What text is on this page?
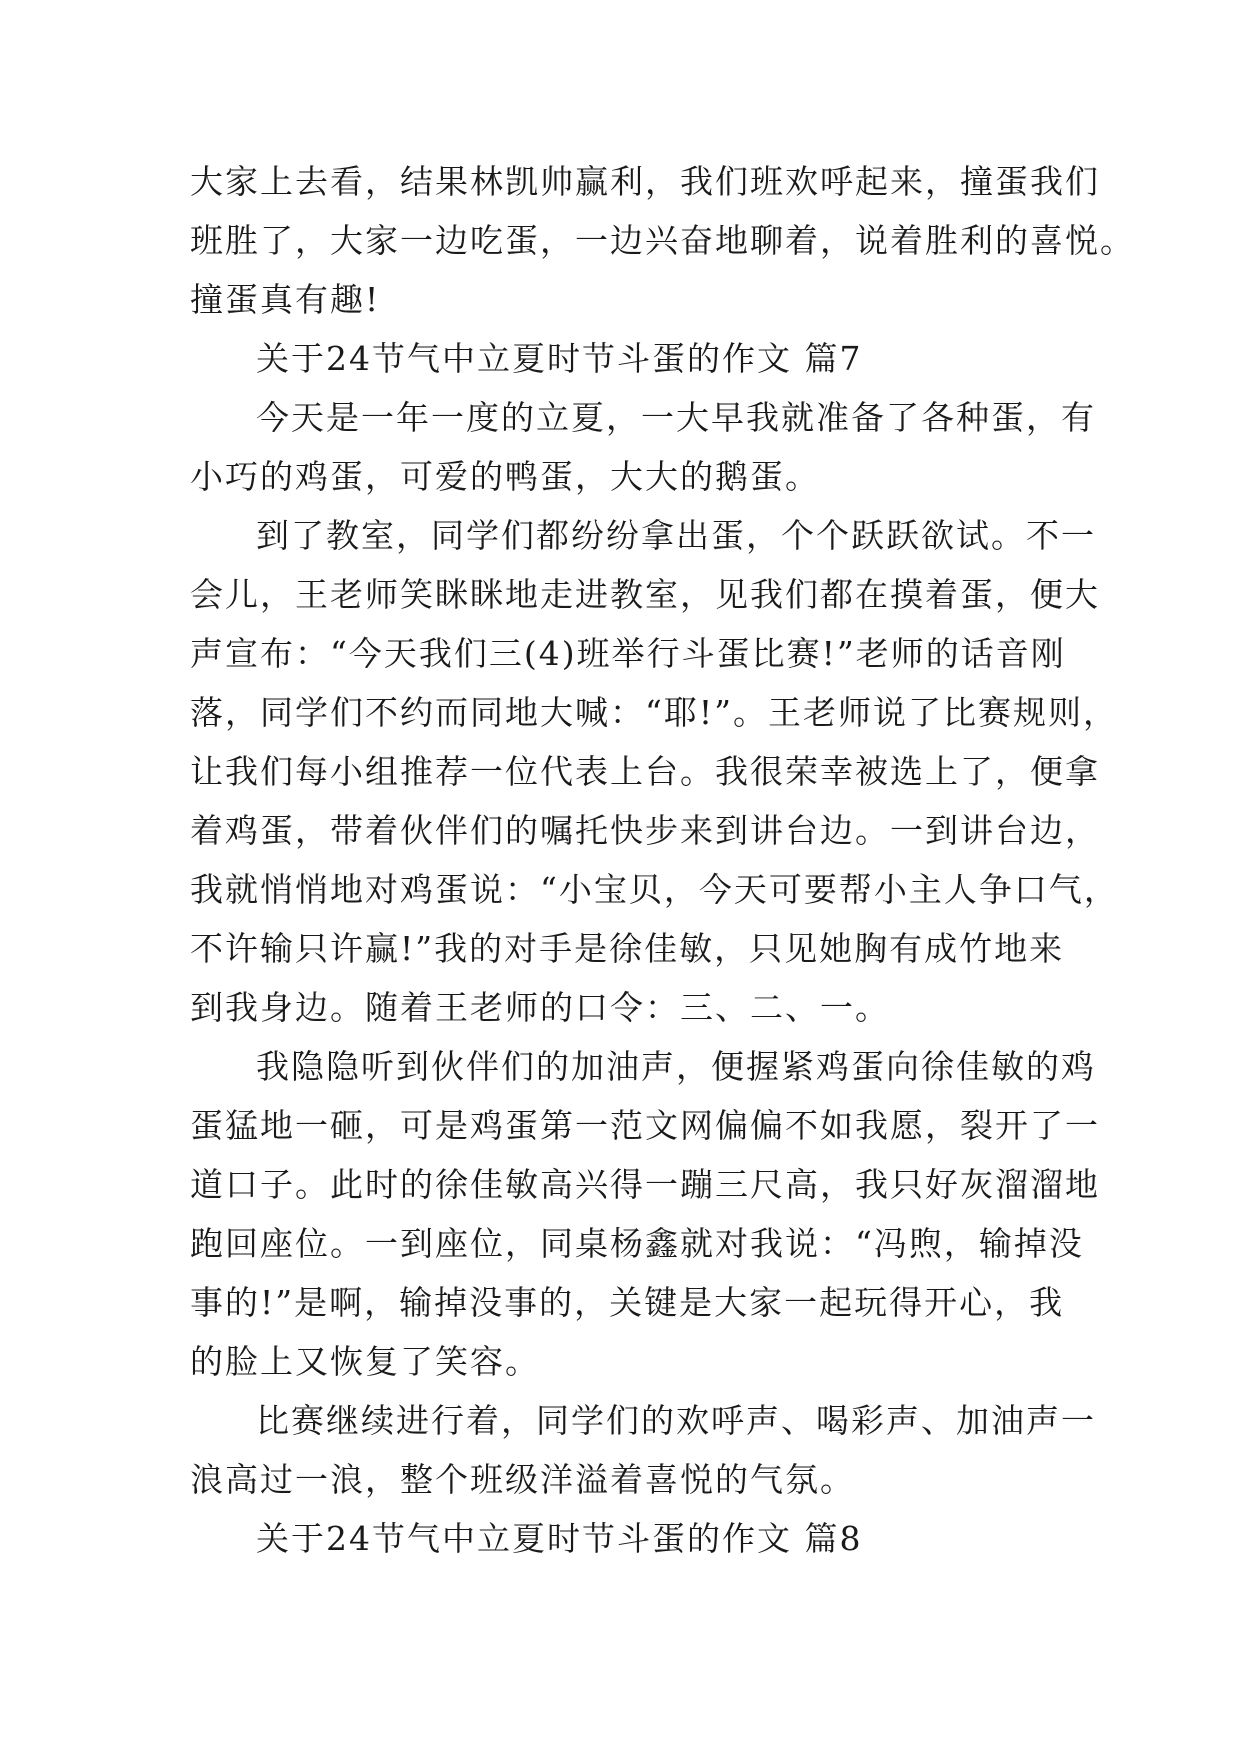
大家上去看，结果林凯帅赢利，我们班欢呼起来，撞蛋我们
班胜了，大家一边吃蛋，一边兴奋地聊着，说着胜利的喜悦。
撞蛋真有趣!
关于24节气中立夏时节斗蛋的作文 篇7
今天是一年一度的立夏，一大早我就准备了各种蛋，有
小巧的鸡蛋，可爱的鸭蛋，大大的鹅蛋。
到了教室，同学们都纷纷拿出蛋，个个跃跃欲试。不一
会儿，王老师笑眯眯地走进教室，见我们都在摸着蛋，便大
声宣布：“今天我们三(4)班举行斗蛋比赛!”老师的话音刚
落，同学们不约而同地大喊：“耶!”。王老师说了比赛规则，
让我们每小组推荐一位代表上台。我很荣幸被选上了，便拿
着鸡蛋，带着伙伴们的嘱托快步来到讲台边。一到讲台边，
我就悄悄地对鸡蛋说：“小宝贝，今天可要帮小主人争口气，
不许输只许赢!”我的对手是徐佳敏，只见她胸有成竹地来
到我身边。随着王老师的口令：三、二、一。
我隐隐听到伙伴们的加油声，便握紧鸡蛋向徐佳敏的鸡
蛋猛地一砸，可是鸡蛋第一范文网偏偏不如我愿，裂开了一
道口子。此时的徐佳敏高兴得一蹦三尺高，我只好灰溜溜地
跑回座位。一到座位，同桌杨鑫就对我说：“冯煦，输掉没
事的!”是啊，输掉没事的，关键是大家一起玩得开心，我
的脸上又恢复了笑容。
比赛继续进行着，同学们的欢呼声、喝彩声、加油声一
浪高过一浪，整个班级洋溢着喜悦的气氛。
关于24节气中立夏时节斗蛋的作文 篇8
